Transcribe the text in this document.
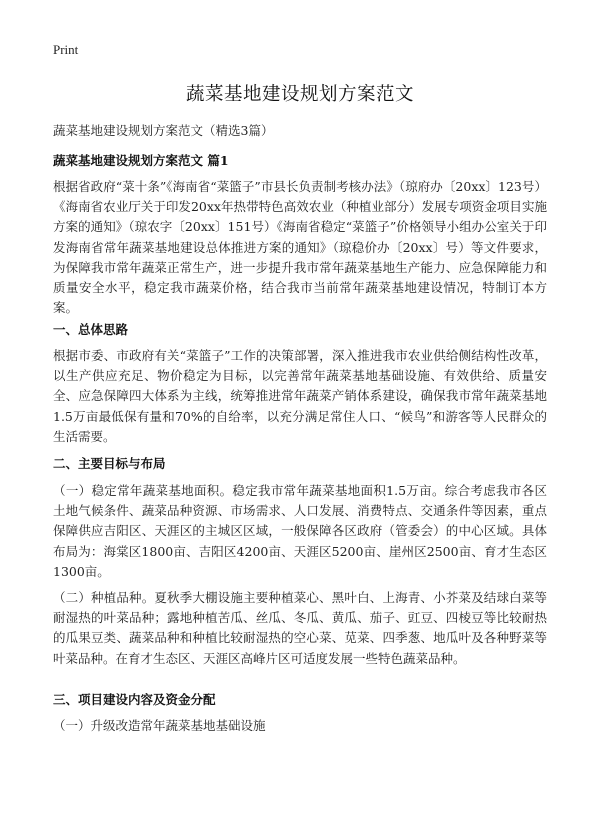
Print
蔬菜基地建设规划方案范文

蔬菜基地建设规划方案范文（精选3篇）

蔬菜基地建设规划方案范文 篇1

根据省政府“菜十条”《海南省“菜篮子”市县长负责制考核办法》（琼府办〔20xx〕123号）《海南省农业厅关于印发20xx年热带特色高效农业（种植业部分）发展专项资金项目实施方案的通知》（琼农字〔20xx〕151号）《海南省稳定“菜篮子”价格领导小组办公室关于印发海南省常年蔬菜基地建设总体推进方案的通知》（琼稳价办〔20xx〕号）等文件要求，为保障我市常年蔬菜正常生产，进一步提升我市常年蔬菜基地生产能力、应急保障能力和质量安全水平，稳定我市蔬菜价格，结合我市当前常年蔬菜基地建设情况，特制订本方案。

一、总体思路

根据市委、市政府有关“菜篮子”工作的决策部署，深入推进我市农业供给侧结构性改革，以生产供应充足、物价稳定为目标，以完善常年蔬菜基地基础设施、有效供给、质量安全、应急保障四大体系为主线，统筹推进常年蔬菜产销体系建设，确保我市常年蔬菜基地1.5万亩最低保有量和70%的自给率，以充分满足常住人口、“候鸟”和游客等人民群众的生活需要。

二、主要目标与布局

（一）稳定常年蔬菜基地面积。稳定我市常年蔬菜基地面积1.5万亩。综合考虑我市各区土地气候条件、蔬菜品种资源、市场需求、人口发展、消费特点、交通条件等因素，重点保障供应吉阳区、天涯区的主城区区域，一般保障各区政府（管委会）的中心区域。具体布局为：海棠区1800亩、吉阳区4200亩、天涯区5200亩、崖州区2500亩、育才生态区1300亩。

（二）种植品种。夏秋季大棚设施主要种植菜心、黑叶白、上海青、小芥菜及结球白菜等耐湿热的叶菜品种；露地种植苦瓜、丝瓜、冬瓜、黄瓜、茄子、豇豆、四棱豆等比较耐热的瓜果豆类、蔬菜品种和种植比较耐湿热的空心菜、苋菜、四季葱、地瓜叶及各种野菜等叶菜品种。在育才生态区、天涯区高峰片区可适度发展一些特色蔬菜品种。

三、项目建设内容及资金分配

（一）升级改造常年蔬菜基地基础设施
